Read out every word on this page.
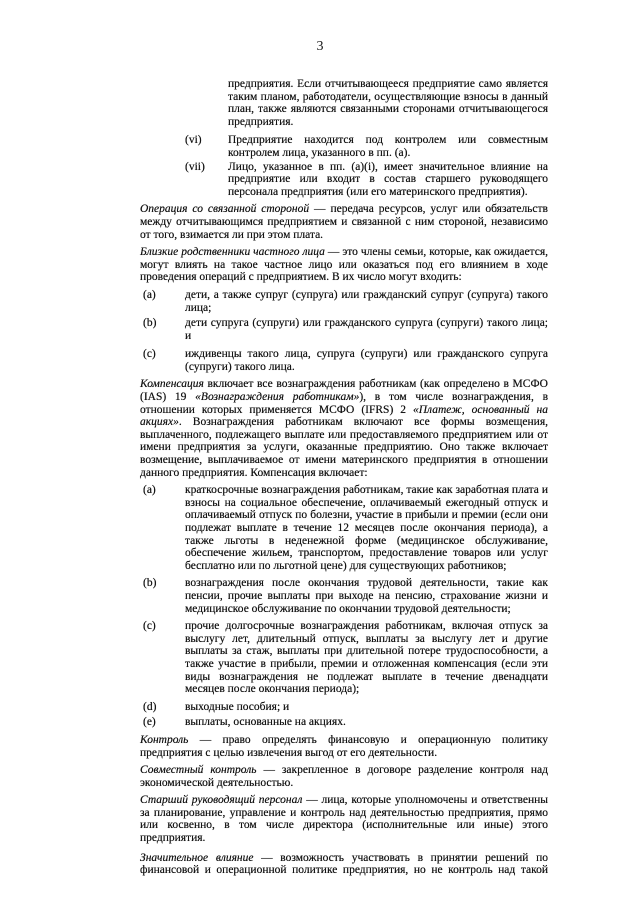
3
предприятия. Если отчитывающееся предприятие само является таким планом, работодатели, осуществляющие взносы в данный план, также являются связанными сторонами отчитывающегося предприятия.
(vi)	Предприятие находится под контролем или совместным контролем лица, указанного в пп. (a).
(vii)	Лицо, указанное в пп. (a)(i), имеет значительное влияние на предприятие или входит в состав старшего руководящего персонала предприятия (или его материнского предприятия).

Операция со связанной стороной — передача ресурсов, услуг или обязательств между отчитывающимся предприятием и связанной с ним стороной, независимо от того, взимается ли при этом плата.

Близкие родственники частного лица — это члены семьи, которые, как ожидается, могут влиять на такое частное лицо или оказаться под его влиянием в ходе проведения операций с предприятием. В их число могут входить:

(a)	дети, а также супруг (супруга) или гражданский супруг (супруга) такого лица;
(b)	дети супруга (супруги) или гражданского супруга (супруги) такого лица; и
(c)	иждивенцы такого лица, супруга (супруги) или гражданского супруга (супруги) такого лица.

Компенсация включает все вознаграждения работникам (как определено в МСФО (IAS) 19 «Вознаграждения работникам»), в том числе вознаграждения, в отношении которых применяется МСФО (IFRS) 2 «Платеж, основанный на акциях». Вознаграждения работникам включают все формы возмещения, выплаченного, подлежащего выплате или предоставляемого предприятием или от имени предприятия за услуги, оказанные предприятию. Оно также включает возмещение, выплачиваемое от имени материнского предприятия в отношении данного предприятия. Компенсация включает:

(a)	краткосрочные вознаграждения работникам, такие как заработная плата и взносы на социальное обеспечение, оплачиваемый ежегодный отпуск и оплачиваемый отпуск по болезни, участие в прибыли и премии (если они подлежат выплате в течение 12 месяцев после окончания периода), а также льготы в неденежной форме (медицинское обслуживание, обеспечение жильем, транспортом, предоставление товаров или услуг бесплатно или по льготной цене) для существующих работников;
(b)	вознаграждения после окончания трудовой деятельности, такие как пенсии, прочие выплаты при выходе на пенсию, страхование жизни и медицинское обслуживание по окончании трудовой деятельности;
(c)	прочие долгосрочные вознаграждения работникам, включая отпуск за выслугу лет, длительный отпуск, выплаты за выслугу лет и другие выплаты за стаж, выплаты при длительной потере трудоспособности, а также участие в прибыли, премии и отложенная компенсация (если эти виды вознаграждения не подлежат выплате в течение двенадцати месяцев после окончания периода);
(d)	выходные пособия; и
(e)	выплаты, основанные на акциях.

Контроль — право определять финансовую и операционную политику предприятия с целью извлечения выгод от его деятельности.

Совместный контроль — закрепленное в договоре разделение контроля над экономической деятельностью.

Старший руководящий персонал — лица, которые уполномочены и ответственны за планирование, управление и контроль над деятельностью предприятия, прямо или косвенно, в том числе директора (исполнительные или иные) этого предприятия.

Значительное влияние — возможность участвовать в принятии решений по финансовой и операционной политике предприятия, но не контроль над такой
